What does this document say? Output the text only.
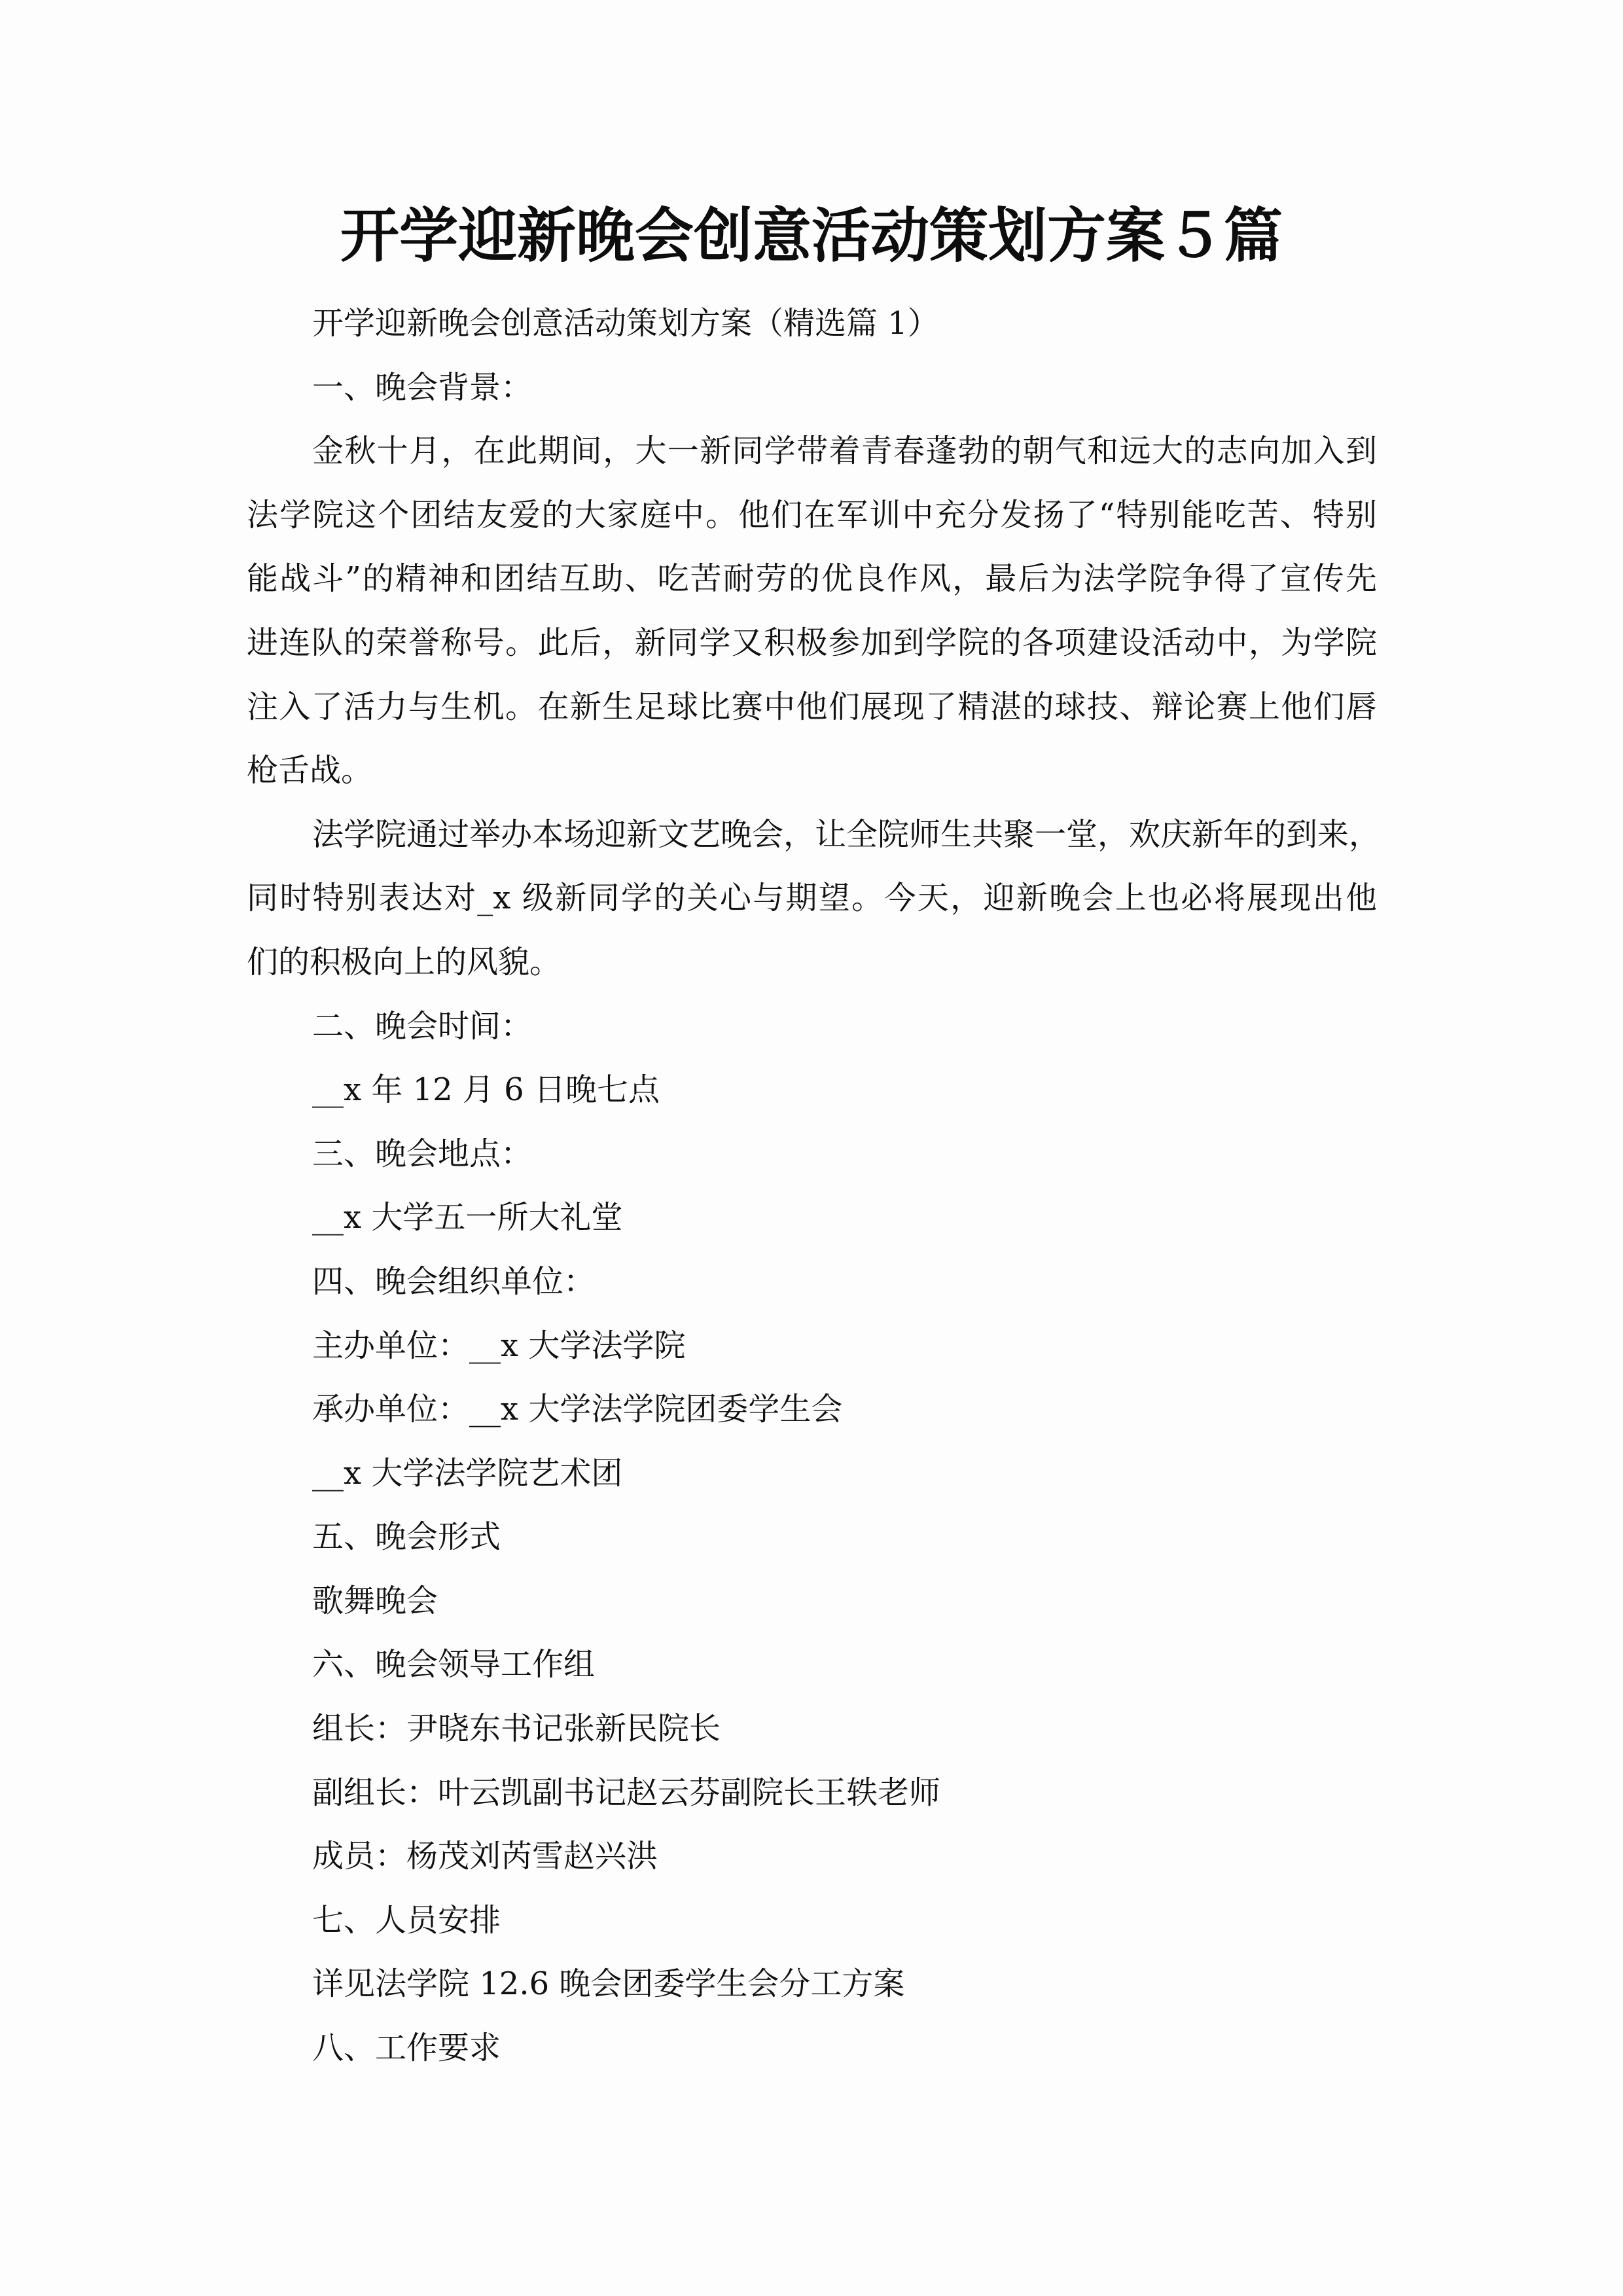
开学迎新晚会创意活动策划方案５篇
开学迎新晚会创意活动策划方案（精选篇 1）
一、晚会背景：
金秋十月，在此期间，大一新同学带着青春蓬勃的朝气和远大的志向加入到
法学院这个团结友爱的大家庭中。他们在军训中充分发扬了“特别能吃苦、特别
能战斗”的精神和团结互助、吃苦耐劳的优良作风，最后为法学院争得了宣传先
进连队的荣誉称号。此后，新同学又积极参加到学院的各项建设活动中，为学院
注入了活力与生机。在新生足球比赛中他们展现了精湛的球技、辩论赛上他们唇
枪舌战。
法学院通过举办本场迎新文艺晚会，让全院师生共聚一堂，欢庆新年的到来，
同时特别表达对_x 级新同学的关心与期望。今天，迎新晚会上也必将展现出他
们的积极向上的风貌。
二、晚会时间：
__x 年 12 月 6 日晚七点
三、晚会地点：
__x 大学五一所大礼堂
四、晚会组织单位：
主办单位：__x 大学法学院
承办单位：__x 大学法学院团委学生会
__x 大学法学院艺术团
五、晚会形式
歌舞晚会
六、晚会领导工作组
组长：尹晓东书记张新民院长
副组长：叶云凯副书记赵云芬副院长王轶老师
成员：杨茂刘芮雪赵兴洪
七、人员安排
详见法学院 12.6 晚会团委学生会分工方案
八、工作要求
